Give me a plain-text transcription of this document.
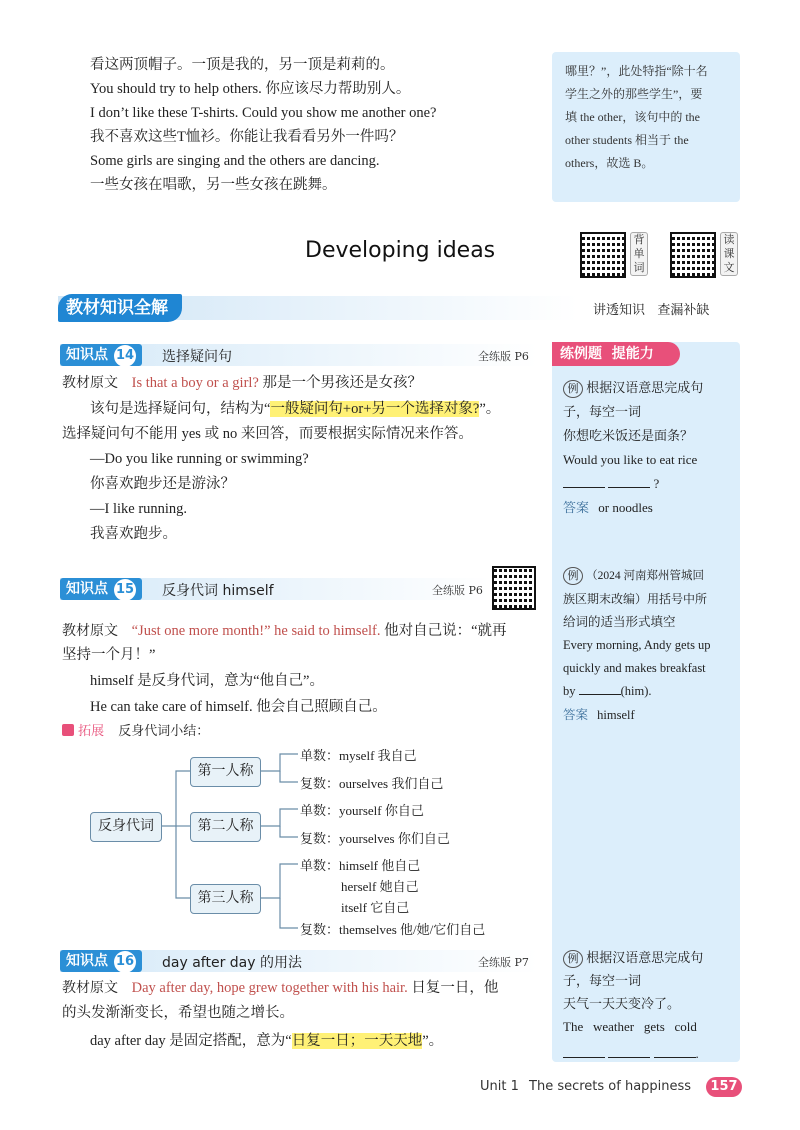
看这两顶帽子。一顶是我的，另一顶是莉莉的。
You should try to help others. 你应该尽力帮助别人。
I don’t like these T-shirts. Could you show me another one?
我不喜欢这些T恤衫。你能让我看看另外一件吗？
Some girls are singing and the others are dancing.
一些女孩在唱歌，另一些女孩在跳舞。
哪里？”，此处特指“除十名
学生之外的那些学生”，要
填 the other，该句中的 the
other students 相当于 the
others，故选 B。
Developing ideas	背
单
词
读
课
文
教材知识全解	讲透知识   查漏补缺
练例题  提能力
知识点 14	选择疑问句	全练版 P6
教材原文 Is that a boy or a girl? 那是一个男孩还是女孩？
该句是选择疑问句，结构为“一般疑问句+or+另一个选择对象?”。
选择疑问句不能用 yes 或 no 来回答，而要根据实际情况来作答。
—Do you like running or swimming?
你喜欢跑步还是游泳？
—I like running.
我喜欢跑步。
知识点 15	反身代词 himself	全练版 P6
教材原文 “Just one more month!” he said to himself. 他对自己说：“就再
坚持一个月！”
himself 是反身代词，意为“他自己”。
He can take care of himself. 他会自己照顾自己。
拓展 反身代词小结：
反身代词
第一人称
第二人称
第三人称
单数：myself 我自己
复数：ourselves 我们自己
单数：yourself 你自己
复数：yourselves 你们自己
单数：himself 他自己
herself 她自己
itself 它自己
复数：themselves 他/她/它们自己
知识点 16	day after day 的用法	全练版 P7
教材原文 Day after day, hope grew together with his hair. 日复一日，他
的头发渐渐变长，希望也随之增长。
day after day 是固定搭配，意为“日复一日；一天天地”。
例 根据汉语意思完成句
子，每空一词
你想吃米饭还是面条？
Would you like to eat rice
?
答案 or noodles
例 （2024 河南郑州管城回
族区期末改编）用括号中所
给词的适当形式填空
Every morning, Andy gets up
quickly and makes breakfast
by	(him).
答案 himself
例 根据汉语意思完成句
子，每空一词
天气一天天变冷了。
The   weather   gets   cold
.
Unit 1 The secrets of happiness	157
